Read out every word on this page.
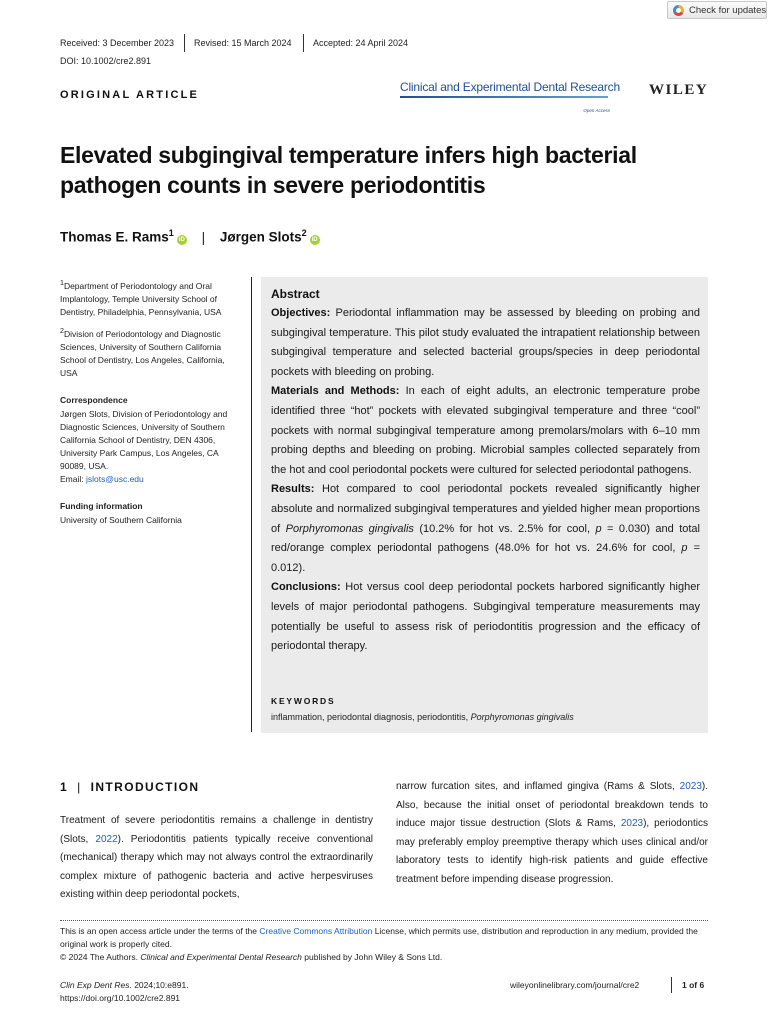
Check for updates
Received: 3 December 2023 Revised: 15 March 2024 Accepted: 24 April 2024
DOI: 10.1002/cre2.891
ORIGINAL ARTICLE
Clinical and Experimental Dental Research
Open Access
WILEY
Elevated subgingival temperature infers high bacterial pathogen counts in severe periodontitis
Thomas E. Rams$^1$iD | Jørgen Slots$^2$iD

$^1$Department of Periodontology and Oral Implantology, Temple University School of Dentistry, Philadelphia, Pennsylvania, USA

$^2$Division of Periodontology and Diagnostic Sciences, University of Southern California School of Dentistry, Los Angeles, California, USA

Correspondence
Jørgen Slots, Division of Periodontology and Diagnostic Sciences, University of Southern California School of Dentistry, DEN 4306, University Park Campus, Los Angeles, CA 90089, USA.
Email: jslots@usc.edu
Funding information
University of Southern California
Abstract

Objectives: Periodontal inflammation may be assessed by bleeding on probing and subgingival temperature. This pilot study evaluated the intrapatient relationship between subgingival temperature and selected bacterial groups/species in deep periodontal pockets with bleeding on probing.

Materials and Methods: In each of eight adults, an electronic temperature probe identified three “hot” pockets with elevated subgingival temperature and three “cool” pockets with normal subgingival temperature among premolars/molars with 6–10 mm probing depths and bleeding on probing. Microbial samples collected separately from the hot and cool periodontal pockets were cultured for selected periodontal pathogens.

Results: Hot compared to cool periodontal pockets revealed significantly higher absolute and normalized subgingival temperatures and yielded higher mean proportions of Porphyromonas gingivalis (10.2% for hot vs. 2.5% for cool, p = 0.030) and total red/orange complex periodontal pathogens (48.0% for hot vs. 24.6% for cool, p = 0.012).

Conclusions: Hot versus cool deep periodontal pockets harbored significantly higher levels of major periodontal pathogens. Subgingival temperature measurements may potentially be useful to assess risk of periodontitis progression and the efficacy of periodontal therapy.

KEYWORDS
inflammation, periodontal diagnosis, periodontitis, Porphyromonas gingivalis
1 | INTRODUCTION

Treatment of severe periodontitis remains a challenge in dentistry (Slots, 2022). Periodontitis patients typically receive conventional (mechanical) therapy which may not always control the extraordinarily complex mixture of pathogenic bacteria and active herpesviruses existing within deep periodontal pockets,

narrow furcation sites, and inflamed gingiva (Rams & Slots, 2023). Also, because the initial onset of periodontal breakdown tends to induce major tissue destruction (Slots & Rams, 2023), periodontics may preferably employ preemptive therapy which uses clinical and/or laboratory tests to identify high-risk patients and guide effective treatment before impending disease progression.

This is an open access article under the terms of the Creative Commons Attribution License, which permits use, distribution and reproduction in any medium, provided the original work is properly cited.
© 2024 The Authors. Clinical and Experimental Dental Research published by John Wiley & Sons Ltd.
Clin Exp Dent Res. 2024;10:e891.
https://doi.org/10.1002/cre2.891
wileyonlinelibrary.com/journal/cre2	1 of 6
